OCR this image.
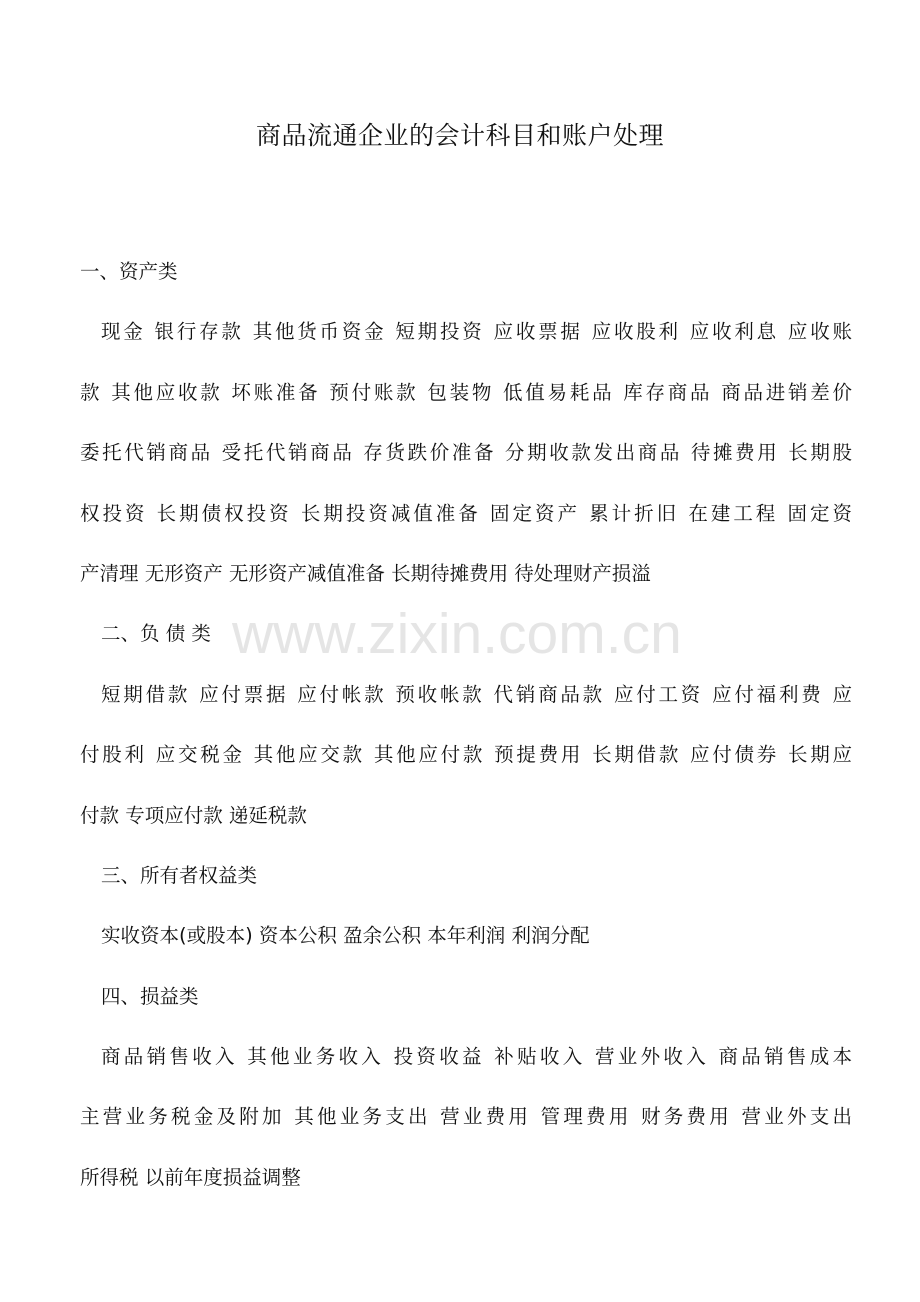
商品流通企业的会计科目和账户处理
一、资产类
现金 银行存款 其他货币资金 短期投资 应收票据 应收股利 应收利息 应收账
款 其他应收款 坏账准备 预付账款 包装物 低值易耗品 库存商品 商品进销差价
委托代销商品 受托代销商品 存货跌价准备 分期收款发出商品 待摊费用 长期股
权投资 长期债权投资 长期投资减值准备 固定资产 累计折旧 在建工程 固定资
产清理 无形资产 无形资产减值准备 长期待摊费用 待处理财产损溢
二、负 债 类
短期借款 应付票据 应付帐款 预收帐款 代销商品款 应付工资 应付福利费 应
付股利 应交税金 其他应交款 其他应付款 预提费用 长期借款 应付债券 长期应
付款 专项应付款 递延税款
三、所有者权益类
实收资本(或股本) 资本公积 盈余公积 本年利润 利润分配
四、损益类
商品销售收入 其他业务收入 投资收益 补贴收入 营业外收入 商品销售成本
主营业务税金及附加 其他业务支出 营业费用 管理费用 财务费用 营业外支出
所得税 以前年度损益调整
www.zixin.com.cn
